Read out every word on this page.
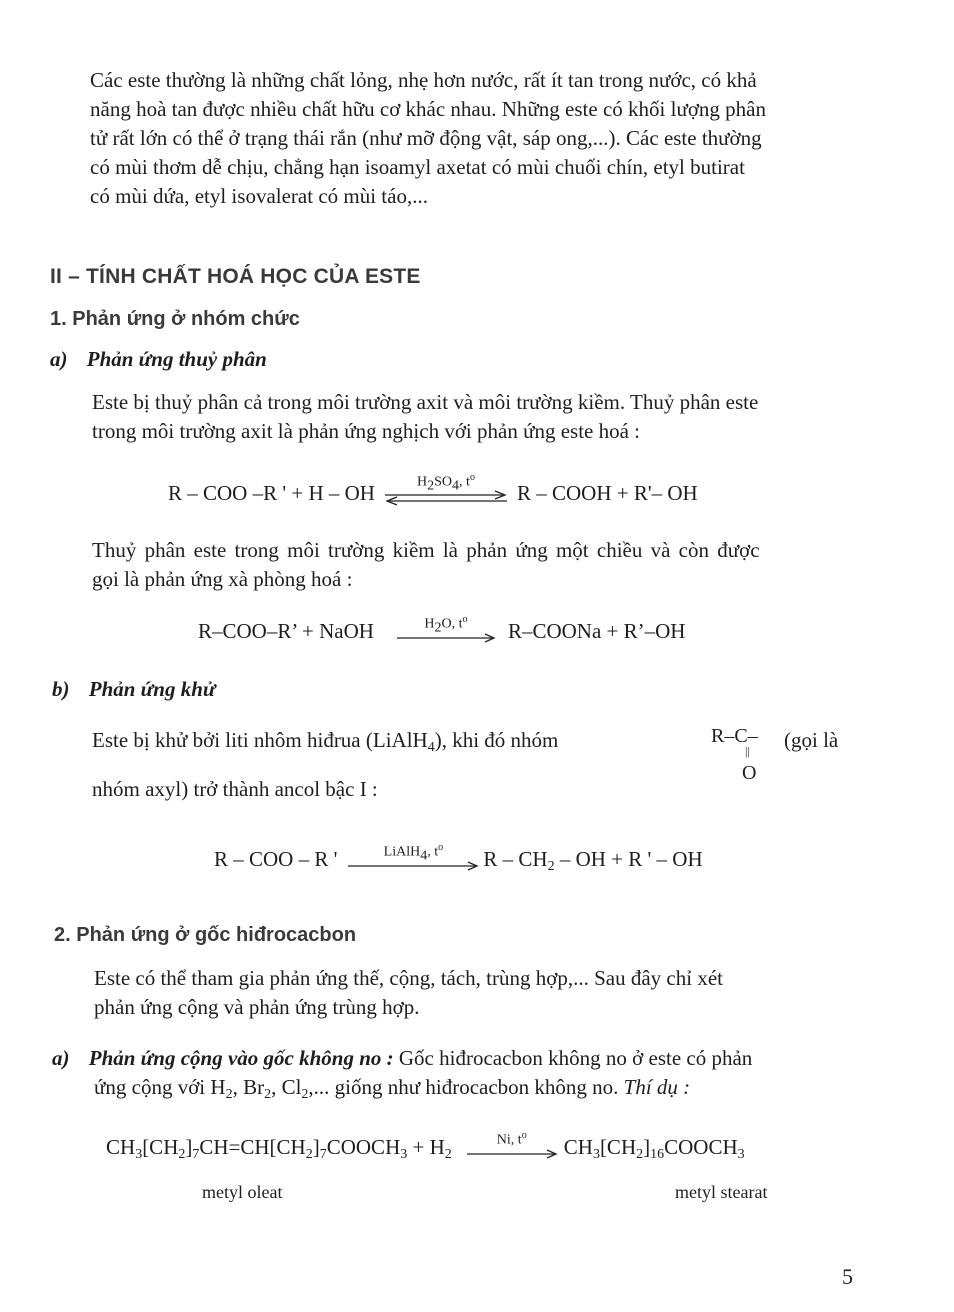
Các este thường là những chất lỏng, nhẹ hơn nước, rất ít tan trong nước, có khả
năng hoà tan được nhiều chất hữu cơ khác nhau. Những este có khối lượng phân
tử rất lớn có thể ở trạng thái rắn (như mỡ động vật, sáp ong,...). Các este thường
có mùi thơm dễ chịu, chẳng hạn isoamyl axetat có mùi chuối chín, etyl butirat
có mùi dứa, etyl isovalerat có mùi táo,...
II – TÍNH CHẤT HOÁ HỌC CỦA ESTE
1. Phản ứng ở nhóm chức
a) Phản ứng thuỷ phân
Este bị thuỷ phân cả trong môi trường axit và môi trường kiềm. Thuỷ phân este
trong môi trường axit là phản ứng nghịch với phản ứng este hoá :
R – COO –R ' + H – OH	$H_2SO_4$, $t^o$
R – COOH + R'– OH
Thuỷ phân este trong môi trường kiềm là phản ứng một chiều và còn được
gọi là phản ứng xà phòng hoá :
R–COO–R’ + NaOH	$H_2O$, $t^o$ R–COONa + R’–OH
b) Phản ứng khử
Este bị khử bởi liti nhôm hiđrua (LiAlH$_4$), khi đó nhóm	R–C–
||
O
(gọi là
nhóm axyl) trở thành ancol bậc I :
R – COO – R '	LiAlH$_4$, $t^o$ R – $CH_2$ – OH + R ' – OH
2. Phản ứng ở gốc hiđrocacbon
Este có thể tham gia phản ứng thế, cộng, tách, trùng hợp,... Sau đây chỉ xét
phản ứng cộng và phản ứng trùng hợp.
a) Phản ứng cộng vào gốc không no : Gốc hiđrocacbon không no ở este có phản
ứng cộng với $H_2$, $Br_2$, $Cl_2$,... giống như hiđrocacbon không no. Thí dụ :
$CH_3[CH_2]_7CH=CH[CH_2]_7COOCH_3 + H_2$
Ni, $t^o$ $CH_3[CH_2]_{16}COOCH_3$
metyl oleat	metyl stearat
5
